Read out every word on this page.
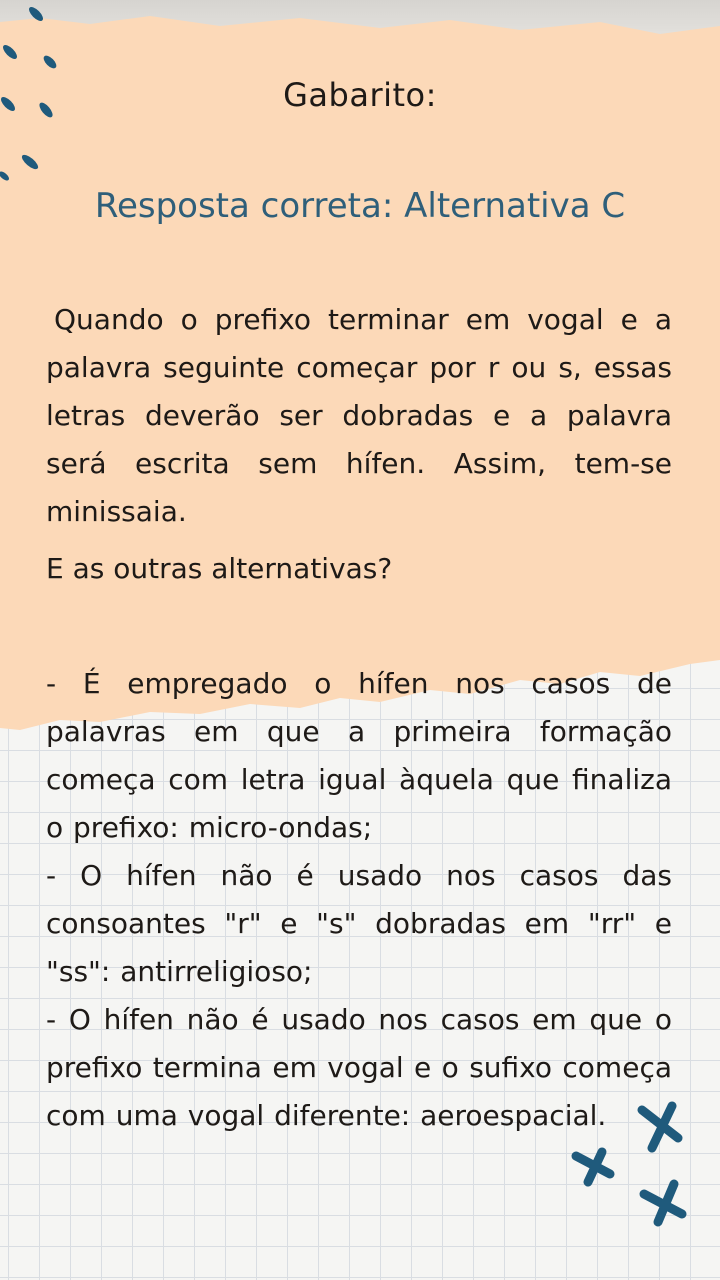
Gabarito:
Resposta correta: Alternativa C
Quando o prefixo terminar em vogal e a palavra seguinte começar por r ou s, essas letras deverão ser dobradas e a palavra será escrita sem hífen. Assim, tem-se minissaia.
E as outras alternativas?
- É empregado o hífen nos casos de palavras em que a primeira formação começa com letra igual àquela que finaliza o prefixo: micro-ondas;
- O hífen não é usado nos casos das consoantes "r" e "s" dobradas em "rr" e "ss": antirreligioso;
- O hífen não é usado nos casos em que o prefixo termina em vogal e o sufixo começa com uma vogal diferente: aeroespacial.
